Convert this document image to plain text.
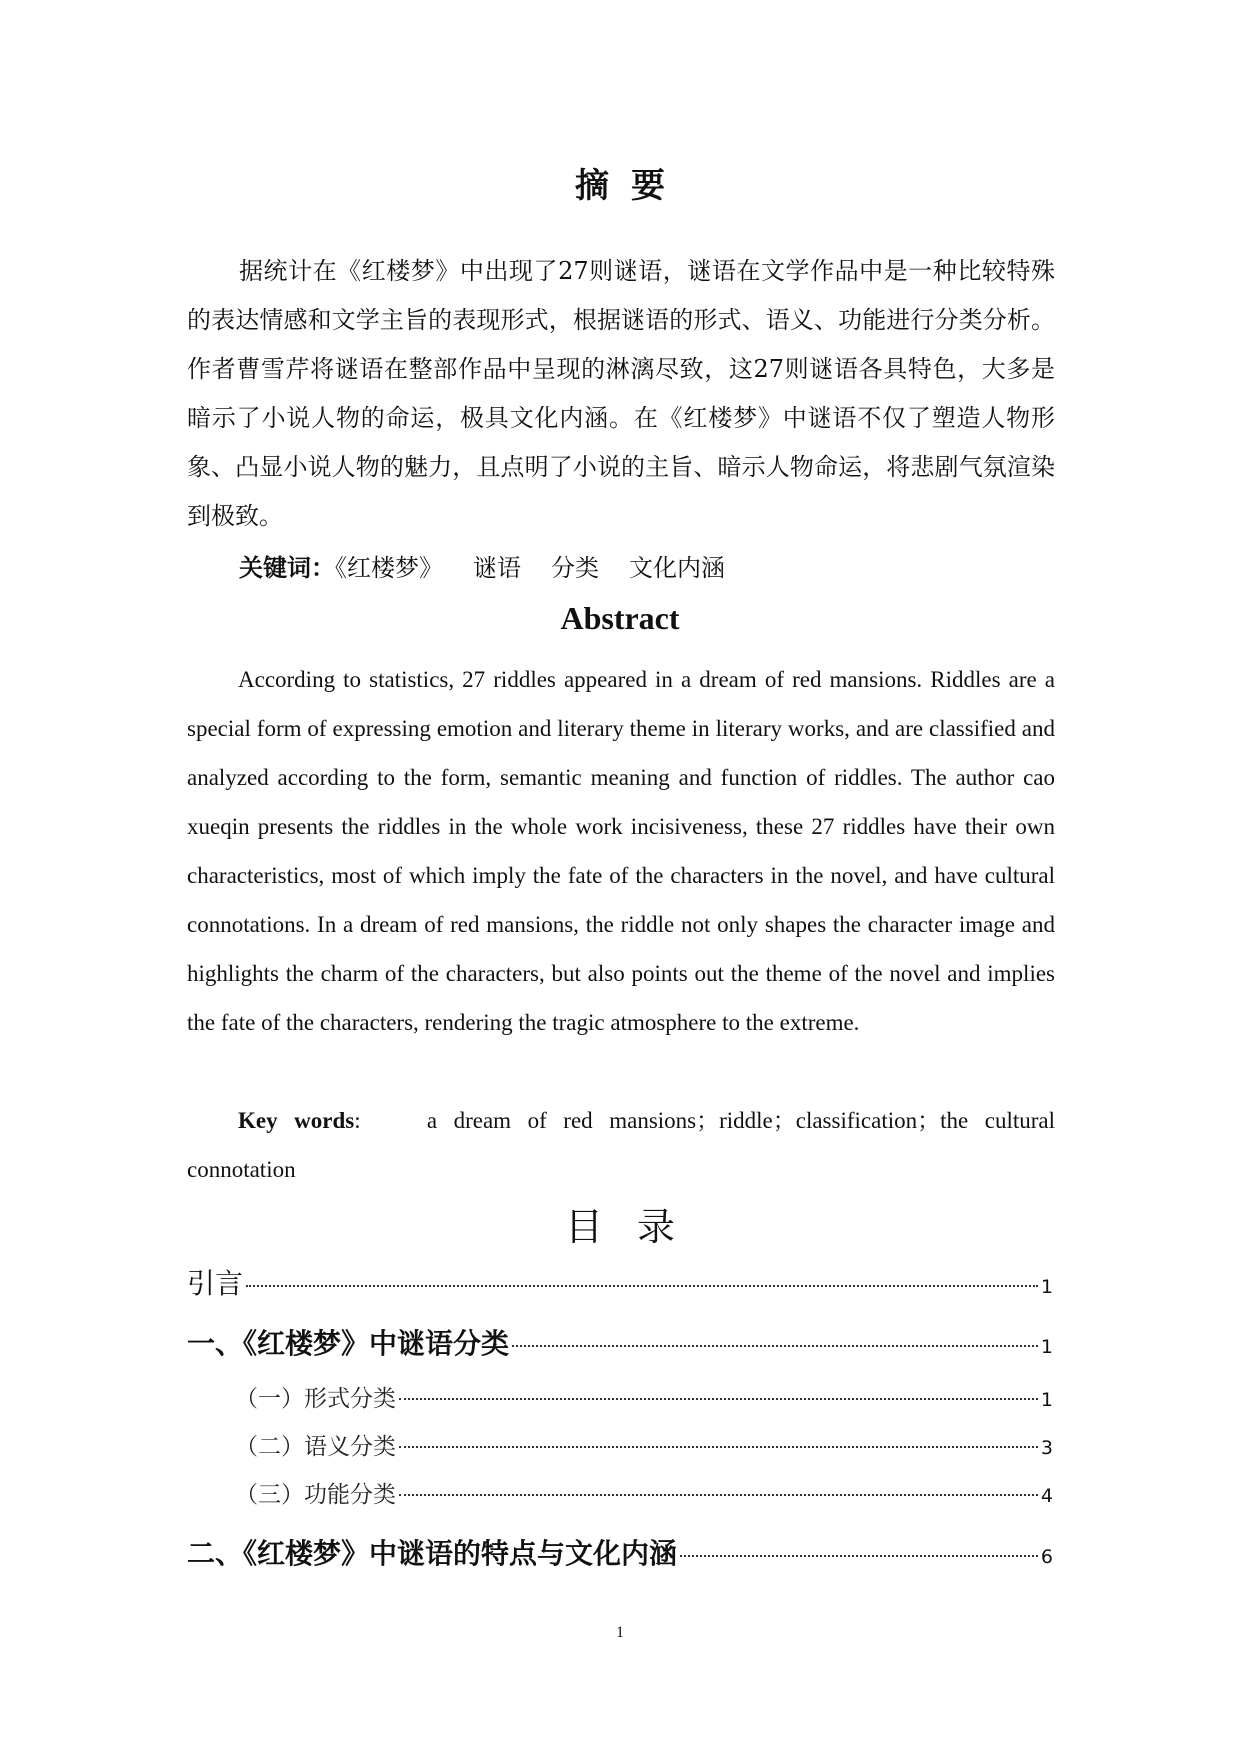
摘要
据统计在《红楼梦》中出现了27则谜语，谜语在文学作品中是一种比较特殊的表达情感和文学主旨的表现形式，根据谜语的形式、语义、功能进行分类分析。作者曹雪芹将谜语在整部作品中呈现的淋漓尽致，这27则谜语各具特色，大多是暗示了小说人物的命运，极具文化内涵。在《红楼梦》中谜语不仅了塑造人物形象、凸显小说人物的魅力，且点明了小说的主旨、暗示人物命运，将悲剧气氛渲染到极致。
关键词：《红楼梦》 谜语 分类 文化内涵
Abstract
According to statistics, 27 riddles appeared in a dream of red mansions. Riddles are a special form of expressing emotion and literary theme in literary works, and are classified and analyzed according to the form, semantic meaning and function of riddles. The author cao xueqin presents the riddles in the whole work incisiveness, these 27 riddles have their own characteristics, most of which imply the fate of the characters in the novel, and have cultural connotations. In a dream of red mansions, the riddle not only shapes the character image and highlights the charm of the characters, but also points out the theme of the novel and implies the fate of the characters, rendering the tragic atmosphere to the extreme.
Key words:	a dream of red mansions；riddle；classification；the cultural connotation
目录
引言	1
一、《红楼梦》中谜语分类	1
（一）形式分类	1
（二）语义分类	3
（三）功能分类	4
二、《红楼梦》中谜语的特点与文化内涵	6
1
